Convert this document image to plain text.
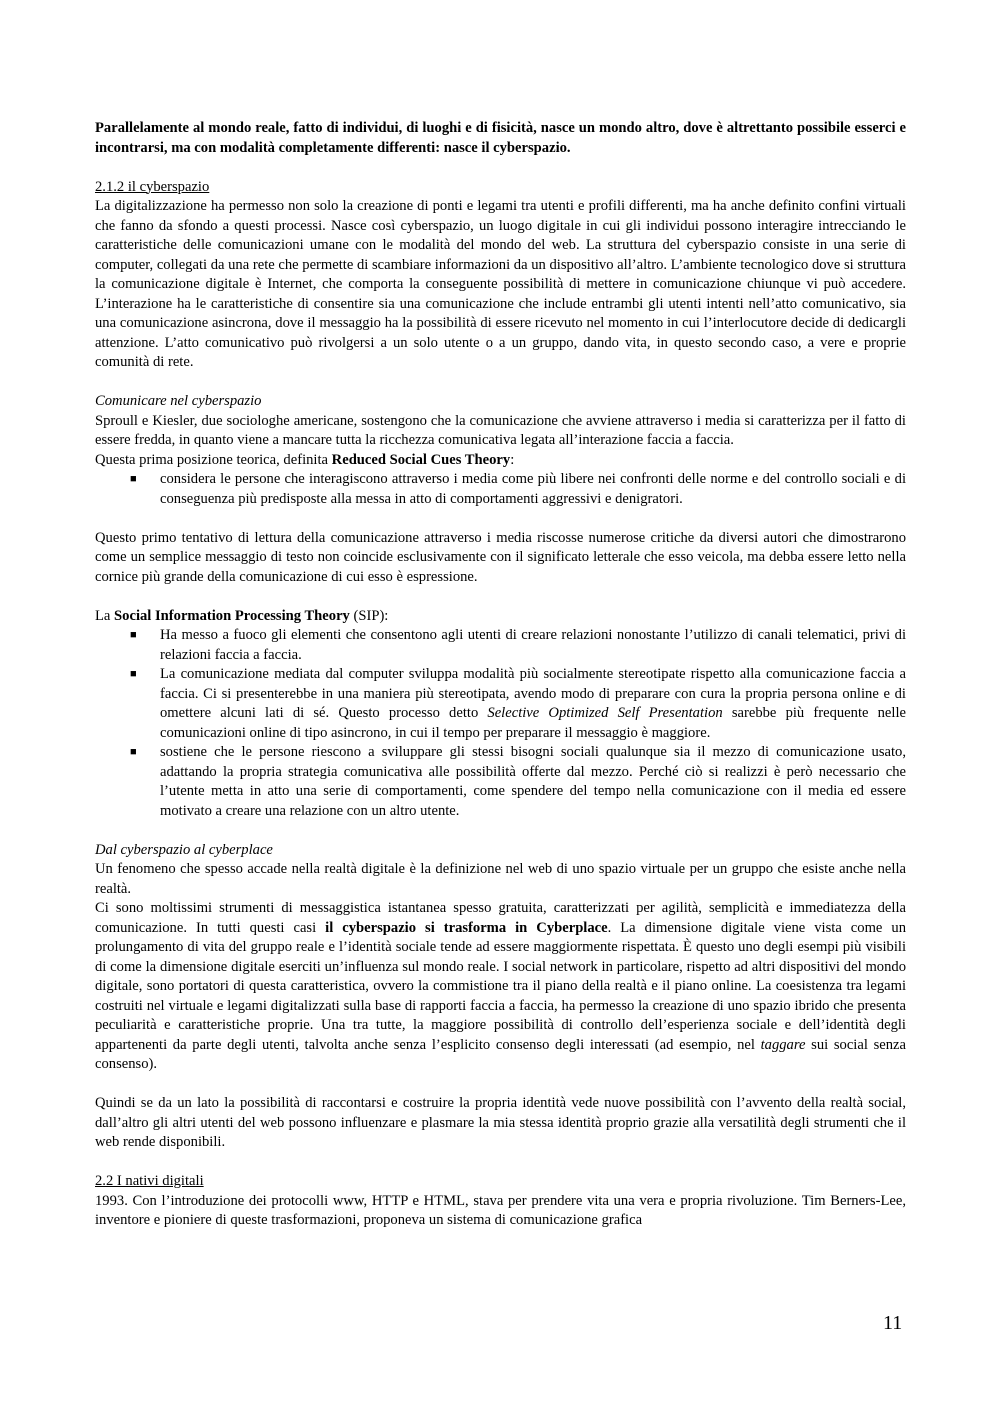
Parallelamente al mondo reale, fatto di individui, di luoghi e di fisicità, nasce un mondo altro, dove è altrettanto possibile esserci e incontrarsi, ma con modalità completamente differenti: nasce il cyberspazio.

2.1.2 il cyberspazio

La digitalizzazione ha permesso non solo la creazione di ponti e legami tra utenti e profili differenti, ma ha anche definito confini virtuali che fanno da sfondo a questi processi. Nasce così cyberspazio, un luogo digitale in cui gli individui possono interagire intrecciando le caratteristiche delle comunicazioni umane con le modalità del mondo del web. La struttura del cyberspazio consiste in una serie di computer, collegati da una rete che permette di scambiare informazioni da un dispositivo all’altro. L’ambiente tecnologico dove si struttura la comunicazione digitale è Internet, che comporta la conseguente possibilità di mettere in comunicazione chiunque vi può accedere. L’interazione ha le caratteristiche di consentire sia una comunicazione che include entrambi gli utenti intenti nell’atto comunicativo, sia una comunicazione asincrona, dove il messaggio ha la possibilità di essere ricevuto nel momento in cui l’interlocutore decide di dedicargli attenzione. L’atto comunicativo può rivolgersi a un solo utente o a un gruppo, dando vita, in questo secondo caso, a vere e proprie comunità di rete.

Comunicare nel cyberspazio

Sproull e Kiesler, due sociologhe americane, sostengono che la comunicazione che avviene attraverso i media si caratterizza per il fatto di essere fredda, in quanto viene a mancare tutta la ricchezza comunicativa legata all’interazione faccia a faccia.

Questa prima posizione teorica, definita Reduced Social Cues Theory:

■ considera le persone che interagiscono attraverso i media come più libere nei confronti delle norme e del controllo sociali e di conseguenza più predisposte alla messa in atto di comportamenti aggressivi e denigratori.

Questo primo tentativo di lettura della comunicazione attraverso i media riscosse numerose critiche da diversi autori che dimostrarono come un semplice messaggio di testo non coincide esclusivamente con il significato letterale che esso veicola, ma debba essere letto nella cornice più grande della comunicazione di cui esso è espressione.

La Social Information Processing Theory (SIP):

■ Ha messo a fuoco gli elementi che consentono agli utenti di creare relazioni nonostante l’utilizzo di canali telematici, privi di relazioni faccia a faccia.
■ La comunicazione mediata dal computer sviluppa modalità più socialmente stereotipate rispetto alla comunicazione faccia a faccia. Ci si presenterebbe in una maniera più stereotipata, avendo modo di preparare con cura la propria persona online e di omettere alcuni lati di sé. Questo processo detto Selective Optimized Self Presentation sarebbe più frequente nelle comunicazioni online di tipo asincrono, in cui il tempo per preparare il messaggio è maggiore.
■ sostiene che le persone riescono a sviluppare gli stessi bisogni sociali qualunque sia il mezzo di comunicazione usato, adattando la propria strategia comunicativa alle possibilità offerte dal mezzo. Perché ciò si realizzi è però necessario che l’utente metta in atto una serie di comportamenti, come spendere del tempo nella comunicazione con il media ed essere motivato a creare una relazione con un altro utente.

Dal cyberspazio al cyberplace

Un fenomeno che spesso accade nella realtà digitale è la definizione nel web di uno spazio virtuale per un gruppo che esiste anche nella realtà.

Ci sono moltissimi strumenti di messaggistica istantanea spesso gratuita, caratterizzati per agilità, semplicità e immediatezza della comunicazione. In tutti questi casi il cyberspazio si trasforma in Cyberplace. La dimensione digitale viene vista come un prolungamento di vita del gruppo reale e l’identità sociale tende ad essere maggiormente rispettata. È questo uno degli esempi più visibili di come la dimensione digitale eserciti un’influenza sul mondo reale. I social network in particolare, rispetto ad altri dispositivi del mondo digitale, sono portatori di questa caratteristica, ovvero la commistione tra il piano della realtà e il piano online. La coesistenza tra legami costruiti nel virtuale e legami digitalizzati sulla base di rapporti faccia a faccia, ha permesso la creazione di uno spazio ibrido che presenta peculiarità e caratteristiche proprie. Una tra tutte, la maggiore possibilità di controllo dell’esperienza sociale e dell’identità degli appartenenti da parte degli utenti, talvolta anche senza l’esplicito consenso degli interessati (ad esempio, nel taggare sui social senza consenso).

Quindi se da un lato la possibilità di raccontarsi e costruire la propria identità vede nuove possibilità con l’avvento della realtà social, dall’altro gli altri utenti del web possono influenzare e plasmare la mia stessa identità proprio grazie alla versatilità degli strumenti che il web rende disponibili.

2.2 I nativi digitali

1993. Con l’introduzione dei protocolli www, HTTP e HTML, stava per prendere vita una vera e propria rivoluzione. Tim Berners-Lee, inventore e pioniere di queste trasformazioni, proponeva un sistema di comunicazione grafica

11
